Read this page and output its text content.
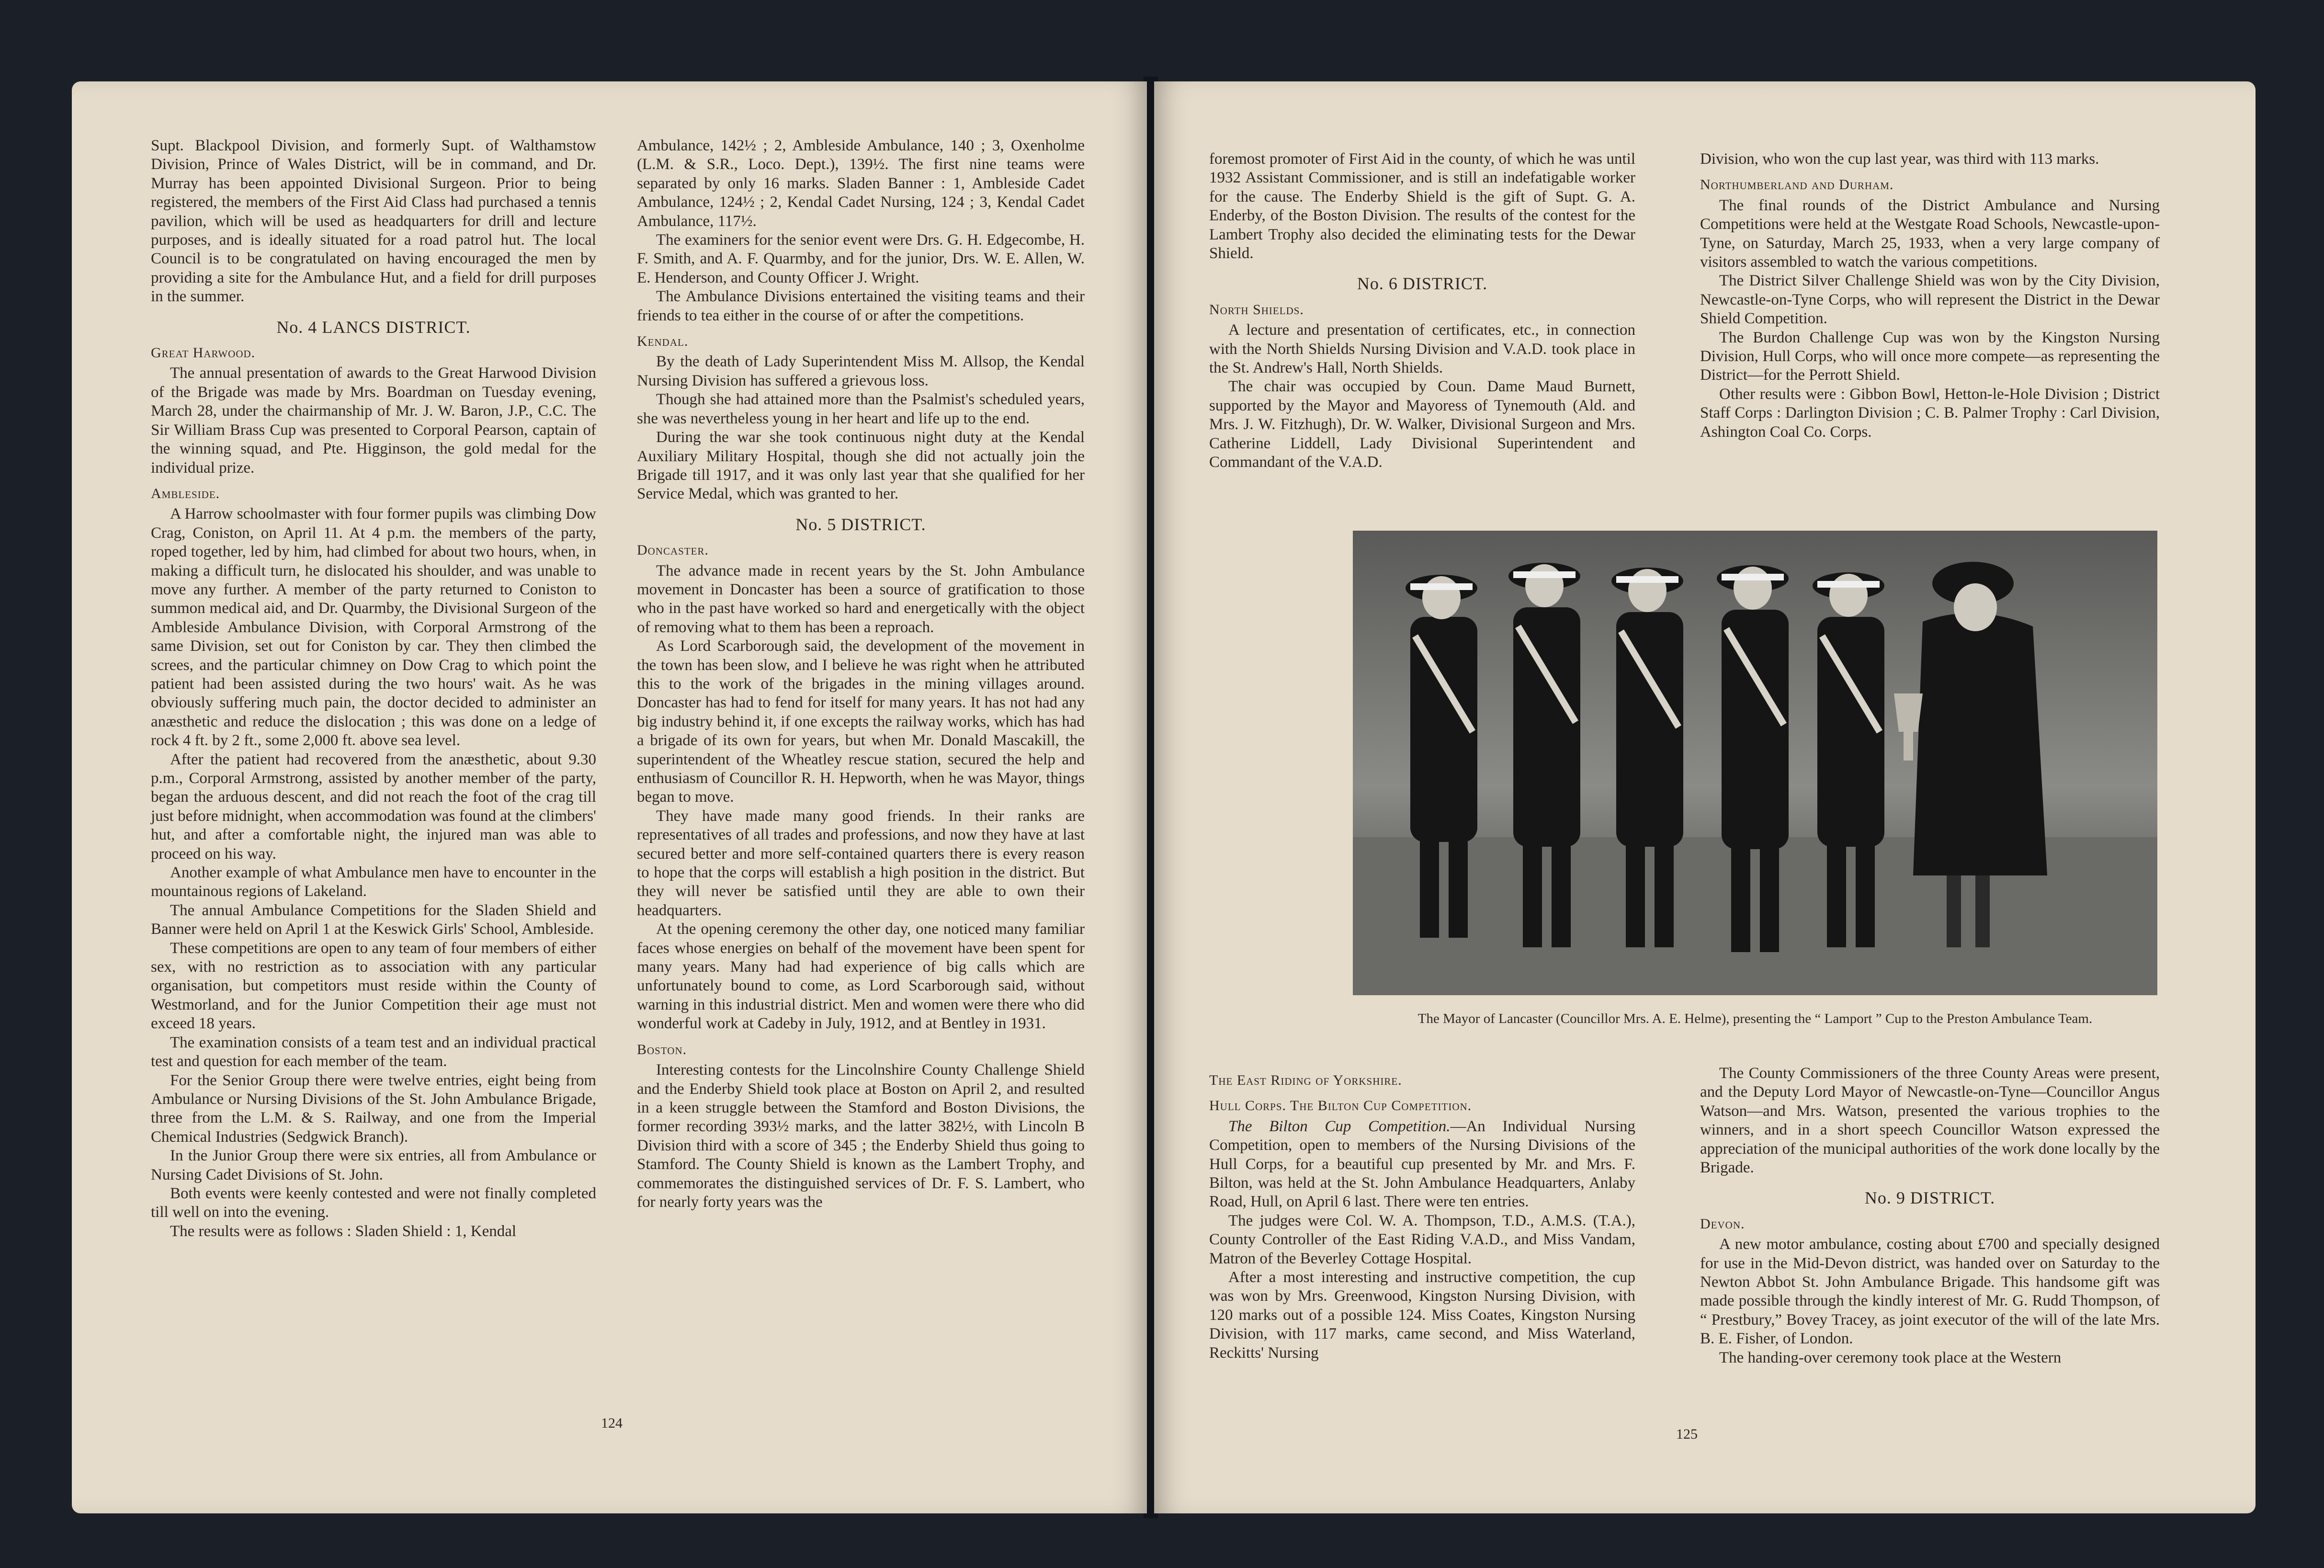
Supt. Blackpool Division, and formerly Supt. of Walthamstow Division, Prince of Wales District, will be in command, and Dr. Murray has been appointed Divisional Surgeon. Prior to being registered, the members of the First Aid Class had purchased a tennis pavilion, which will be used as headquarters for drill and lecture purposes, and is ideally situated for a road patrol hut. The local Council is to be congratulated on having encouraged the men by providing a site for the Ambulance Hut, and a field for drill purposes in the summer.

No. 4 LANCS DISTRICT.
Great Harwood.

The annual presentation of awards to the Great Harwood Division of the Brigade was made by Mrs. Boardman on Tuesday evening, March 28, under the chairmanship of Mr. J. W. Baron, J.P., C.C. The Sir William Brass Cup was presented to Corporal Pearson, captain of the winning squad, and Pte. Higginson, the gold medal for the individual prize.

Ambleside.

A Harrow schoolmaster with four former pupils was climbing Dow Crag, Coniston, on April 11. At 4 p.m. the members of the party, roped together, led by him, had climbed for about two hours, when, in making a difficult turn, he dislocated his shoulder, and was unable to move any further. A member of the party returned to Coniston to summon medical aid, and Dr. Quarmby, the Divisional Surgeon of the Ambleside Ambulance Division, with Corporal Armstrong of the same Division, set out for Coniston by car. They then climbed the screes, and the particular chimney on Dow Crag to which point the patient had been assisted during the two hours' wait. As he was obviously suffering much pain, the doctor decided to administer an anæsthetic and reduce the dislocation ; this was done on a ledge of rock 4 ft. by 2 ft., some 2,000 ft. above sea level.

After the patient had recovered from the anæsthetic, about 9.30 p.m., Corporal Armstrong, assisted by another member of the party, began the arduous descent, and did not reach the foot of the crag till just before midnight, when accommodation was found at the climbers' hut, and after a comfortable night, the injured man was able to proceed on his way.

Another example of what Ambulance men have to encounter in the mountainous regions of Lakeland.

The annual Ambulance Competitions for the Sladen Shield and Banner were held on April 1 at the Keswick Girls' School, Ambleside.

These competitions are open to any team of four members of either sex, with no restriction as to association with any particular organisation, but competitors must reside within the County of Westmorland, and for the Junior Competition their age must not exceed 18 years.

The examination consists of a team test and an individual practical test and question for each member of the team.

For the Senior Group there were twelve entries, eight being from Ambulance or Nursing Divisions of the St. John Ambulance Brigade, three from the L.M. & S. Railway, and one from the Imperial Chemical Industries (Sedgwick Branch).

In the Junior Group there were six entries, all from Ambulance or Nursing Cadet Divisions of St. John.

Both events were keenly contested and were not finally completed till well on into the evening.

The results were as follows : Sladen Shield : 1, Kendal

Ambulance, 142½ ; 2, Ambleside Ambulance, 140 ; 3, Oxenholme (L.M. & S.R., Loco. Dept.), 139½. The first nine teams were separated by only 16 marks. Sladen Banner : 1, Ambleside Cadet Ambulance, 124½ ; 2, Kendal Cadet Nursing, 124 ; 3, Kendal Cadet Ambulance, 117½.

The examiners for the senior event were Drs. G. H. Edgecombe, H. F. Smith, and A. F. Quarmby, and for the junior, Drs. W. E. Allen, W. E. Henderson, and County Officer J. Wright.

The Ambulance Divisions entertained the visiting teams and their friends to tea either in the course of or after the competitions.

Kendal.

By the death of Lady Superintendent Miss M. Allsop, the Kendal Nursing Division has suffered a grievous loss.

Though she had attained more than the Psalmist's scheduled years, she was nevertheless young in her heart and life up to the end.

During the war she took continuous night duty at the Kendal Auxiliary Military Hospital, though she did not actually join the Brigade till 1917, and it was only last year that she qualified for her Service Medal, which was granted to her.

No. 5 DISTRICT.
Doncaster.

The advance made in recent years by the St. John Ambulance movement in Doncaster has been a source of gratification to those who in the past have worked so hard and energetically with the object of removing what to them has been a reproach.

As Lord Scarborough said, the development of the movement in the town has been slow, and I believe he was right when he attributed this to the work of the brigades in the mining villages around. Doncaster has had to fend for itself for many years. It has not had any big industry behind it, if one excepts the railway works, which has had a brigade of its own for years, but when Mr. Donald Mascakill, the superintendent of the Wheatley rescue station, secured the help and enthusiasm of Councillor R. H. Hepworth, when he was Mayor, things began to move.

They have made many good friends. In their ranks are representatives of all trades and professions, and now they have at last secured better and more self-contained quarters there is every reason to hope that the corps will establish a high position in the district. But they will never be satisfied until they are able to own their headquarters.

At the opening ceremony the other day, one noticed many familiar faces whose energies on behalf of the movement have been spent for many years. Many had had experience of big calls which are unfortunately bound to come, as Lord Scarborough said, without warning in this industrial district. Men and women were there who did wonderful work at Cadeby in July, 1912, and at Bentley in 1931.

Boston.

Interesting contests for the Lincolnshire County Challenge Shield and the Enderby Shield took place at Boston on April 2, and resulted in a keen struggle between the Stamford and Boston Divisions, the former recording 393½ marks, and the latter 382½, with Lincoln B Division third with a score of 345 ; the Enderby Shield thus going to Stamford. The County Shield is known as the Lambert Trophy, and commemorates the distinguished services of Dr. F. S. Lambert, who for nearly forty years was the

124

foremost promoter of First Aid in the county, of which he was until 1932 Assistant Commissioner, and is still an indefatigable worker for the cause. The Enderby Shield is the gift of Supt. G. A. Enderby, of the Boston Division. The results of the contest for the Lambert Trophy also decided the eliminating tests for the Dewar Shield.

No. 6 DISTRICT.
North Shields.

A lecture and presentation of certificates, etc., in connection with the North Shields Nursing Division and V.A.D. took place in the St. Andrew's Hall, North Shields.

The chair was occupied by Coun. Dame Maud Burnett, supported by the Mayor and Mayoress of Tynemouth (Ald. and Mrs. J. W. Fitzhugh), Dr. W. Walker, Divisional Surgeon and Mrs. Catherine Liddell, Lady Divisional Superintendent and Commandant of the V.A.D.

Division, who won the cup last year, was third with 113 marks.

Northumberland and Durham.

The final rounds of the District Ambulance and Nursing Competitions were held at the Westgate Road Schools, Newcastle-upon-Tyne, on Saturday, March 25, 1933, when a very large company of visitors assembled to watch the various competitions.

The District Silver Challenge Shield was won by the City Division, Newcastle-on-Tyne Corps, who will represent the District in the Dewar Shield Competition.

The Burdon Challenge Cup was won by the Kingston Nursing Division, Hull Corps, who will once more compete—as representing the District—for the Perrott Shield.

Other results were : Gibbon Bowl, Hetton-le-Hole Division ; District Staff Corps : Darlington Division ; C. B. Palmer Trophy : Carl Division, Ashington Coal Co. Corps.

The Mayor of Lancaster (Councillor Mrs. A. E. Helme), presenting the “ Lamport ” Cup to the Preston Ambulance Team.
The East Riding of Yorkshire.
Hull Corps. The Bilton Cup Competition.

The Bilton Cup Competition.—An Individual Nursing Competition, open to members of the Nursing Divisions of the Hull Corps, for a beautiful cup presented by Mr. and Mrs. F. Bilton, was held at the St. John Ambulance Headquarters, Anlaby Road, Hull, on April 6 last. There were ten entries.

The judges were Col. W. A. Thompson, T.D., A.M.S. (T.A.), County Controller of the East Riding V.A.D., and Miss Vandam, Matron of the Beverley Cottage Hospital.

After a most interesting and instructive competition, the cup was won by Mrs. Greenwood, Kingston Nursing Division, with 120 marks out of a possible 124. Miss Coates, Kingston Nursing Division, with 117 marks, came second, and Miss Waterland, Reckitts' Nursing

The County Commissioners of the three County Areas were present, and the Deputy Lord Mayor of Newcastle-on-Tyne—Councillor Angus Watson—and Mrs. Watson, presented the various trophies to the winners, and in a short speech Councillor Watson expressed the appreciation of the municipal authorities of the work done locally by the Brigade.

No. 9 DISTRICT.
Devon.

A new motor ambulance, costing about £700 and specially designed for use in the Mid-Devon district, was handed over on Saturday to the Newton Abbot St. John Ambulance Brigade. This handsome gift was made possible through the kindly interest of Mr. G. Rudd Thompson, of “ Prestbury,” Bovey Tracey, as joint executor of the will of the late Mrs. B. E. Fisher, of London.

The handing-over ceremony took place at the Western

125
